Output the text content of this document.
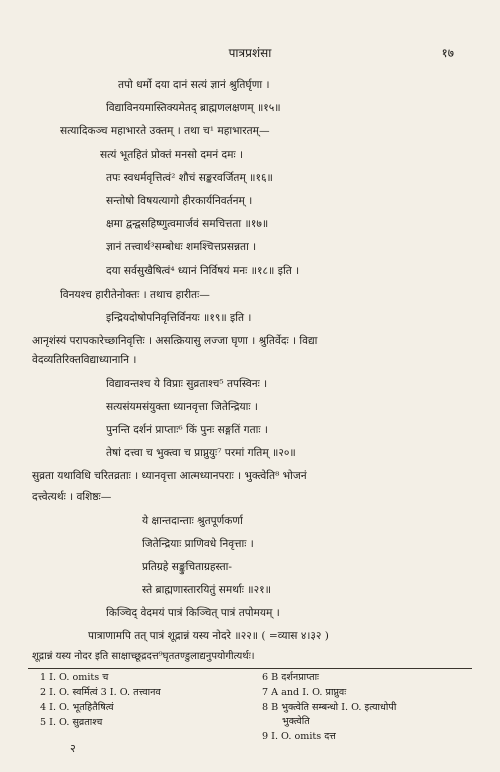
पात्रप्रशंसा	१७
तपो धर्मो दया दानं सत्यं ज्ञानं श्रुतिर्घृणा ।
विद्याविनयमास्तिक्यमेतद् ब्राह्मणलक्षणम् ॥१५॥
सत्यादिकञ्च महाभारते उक्तम् । तथा च¹ महाभारतम्—
सत्यं भूतहितं प्रोक्तं मनसो दमनं दमः ।
तपः स्वधर्मवृत्तित्वं² शौचं सङ्करवर्जितम् ॥१६॥
सन्तोषो विषयत्यागो हीरकार्यनिवर्तनम् ।
क्षमा द्वन्द्वसहिष्णुत्वमार्जवं समचित्तता ॥१७॥
ज्ञानं तत्त्वार्थ³सम्बोधः शमश्चित्तप्रसन्नता ।
दया सर्वसुखैषित्वं⁴ ध्यानं निर्विषयं मनः ॥१८॥ इति ।
विनयश्च हारीतेनोक्तः । तथाच हारीतः—
इन्द्रियदोषोपनिवृत्तिर्विनयः ॥१९॥ इति ।
आनृशंस्यं परापकारेच्छानिवृत्तिः । असत्क्रियासु लज्जा घृणा । श्रुतिर्वेदः । विद्या
वेदव्यतिरिक्तविद्याध्यानानि ।
विद्यावन्तश्च ये विप्राः सुव्रताश्च⁵ तपस्विनः ।
सत्यसंयमसंयुक्ता ध्यानवृत्ता जितेन्द्रियाः ।
पुनन्ति दर्शनं प्राप्ताः⁶ किं पुनः सङ्गतिं गताः ।
तेषां दत्त्वा च भुक्त्वा च प्राप्नुयुः⁷ परमां गतिम् ॥२०॥
सुव्रता यथाविधि चरितव्रताः । ध्यानवृत्ता आत्मध्यानपराः । भुक्त्वेति⁸ भोजनं
दत्त्वेत्यर्थः । वशिष्ठः—
ये क्षान्तदान्ताः श्रुतपूर्णकर्णा
जितेन्द्रियाः प्राणिवधे निवृत्ताः ।
प्रतिग्रहे सङ्कुचिताग्रहस्ता-
स्ते ब्राह्मणास्तारयितुं समर्थाः ॥२१॥
किञ्चिद् वेदमयं पात्रं किञ्चित् पात्रं तपोमयम् ।
पात्राणामपि तत् पात्रं शूद्रान्नं यस्य नोदरे ॥२२॥ ( =व्यास ४।३२ )
शूद्रान्नं यस्य नोदर इति साक्षाच्छूद्रदत्त⁹घृततण्डुलाद्यनुपयोगीत्यर्थः।
1 I. O. omits च
2 I. O. स्वर्मित्वं 3 I. O. तत्त्वानव
4 I. O. भूतहितैषित्वं
5 I. O. सुव्रताश्च
6 B दर्शनप्राप्ताः
7 A and I. O. प्राप्नुवः
8 B भुक्त्वेति सम्बन्धो I. O. इत्याधोपी
भुक्त्वेति
9 I. O. omits दत्त
२
